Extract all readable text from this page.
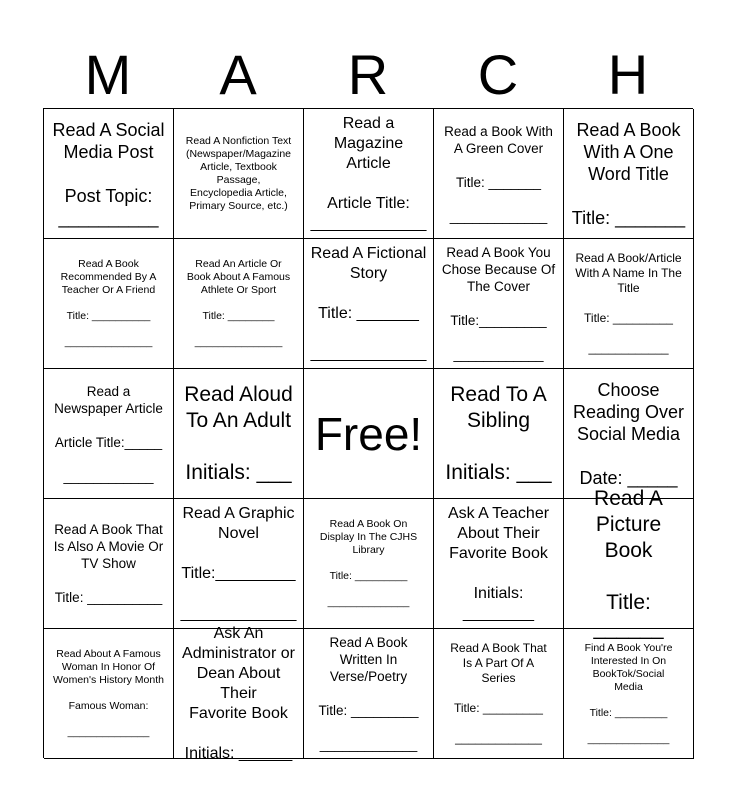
M	A	R	C	H

Read A Social
Media Post

Post Topic:
__________

Read A Nonfiction Text
(Newspaper/Magazine
Article, Textbook
Passage,
Encyclopedia Article,
Primary Source, etc.)

Read a
Magazine Article

Article Title:
_____________

Read a Book With
A Green Cover

Title: _______

_____________

Read A Book
With A One
Word Title

Title: _______

Read A Book
Recommended By A
Teacher Or A Friend

Title: __________

_______________

Read An Article Or
Book About A Famous
Athlete Or Sport

Title: ________

_______________

Read A Fictional
Story

Title: _______

_____________

Read A Book You
Chose Because Of
The Cover

Title:_________

____________

Read A Book/Article
With A Name In The
Title

Title: _________

____________

Read a
Newspaper Article

Article Title:_____

____________

Read Aloud
To An Adult

Initials: ___

Free!

Read To A
Sibling

Initials: ___

Choose
Reading Over
Social Media

Date: _____

Read A Book That
Is Also A Movie Or
TV Show

Title: __________

Read A Graphic
Novel

Title:_________

_____________

Read A Book On
Display In The CJHS
Library

Title: _________

______________

Ask A Teacher
About Their
Favorite Book

Initials:
________

Read A
Picture Book

Title: ______

Read About A Famous
Woman In Honor Of
Women's History Month

Famous Woman:

______________

Ask An
Administrator or
Dean About Their
Favorite Book

Initials: ______

Read A Book
Written In
Verse/Poetry

Title: _________

_____________

Read A Book That
Is A Part Of A
Series

Title: _________

_____________

Find A Book You're
Interested In On
BookTok/Social
Media

Title: _________

______________
